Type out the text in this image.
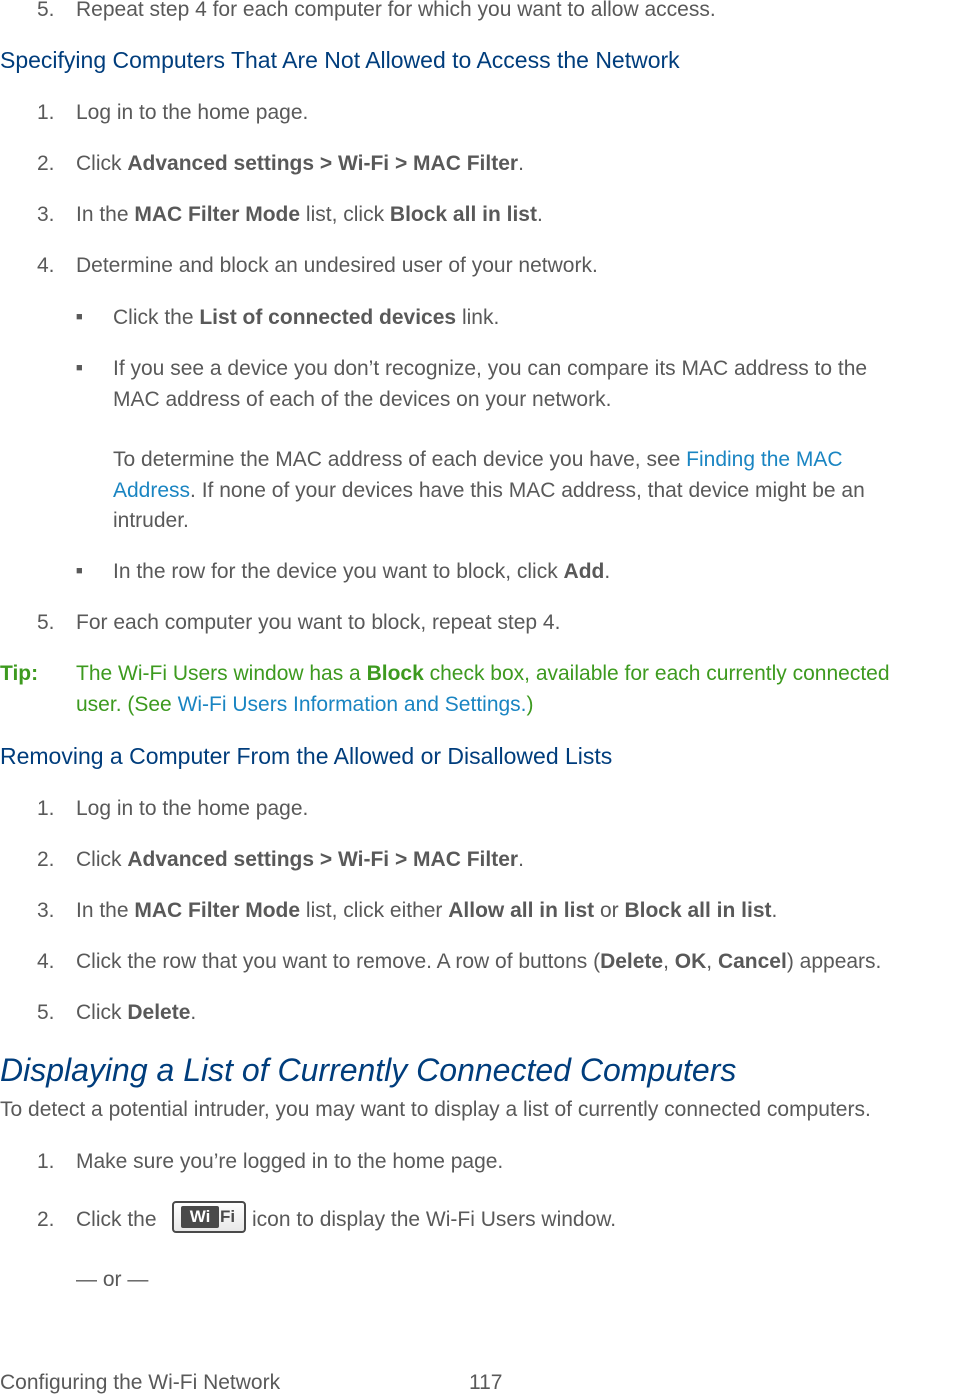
5. Repeat step 4 for each computer for which you want to allow access.
Specifying Computers That Are Not Allowed to Access the Network
1. Log in to the home page.
2. Click Advanced settings > Wi-Fi > MAC Filter.
3. In the MAC Filter Mode list, click Block all in list.
4. Determine and block an undesired user of your network.
■ Click the List of connected devices link.
■ If you see a device you don’t recognize, you can compare its MAC address to the
MAC address of each of the devices on your network.
To determine the MAC address of each device you have, see Finding the MAC
Address. If none of your devices have this MAC address, that device might be an
intruder.
■ In the row for the device you want to block, click Add.
5. For each computer you want to block, repeat step 4.
Tip: The Wi-Fi Users window has a Block check box, available for each currently connected
user. (See Wi-Fi Users Information and Settings.)
Removing a Computer From the Allowed or Disallowed Lists
1. Log in to the home page.
2. Click Advanced settings > Wi-Fi > MAC Filter.
3. In the MAC Filter Mode list, click either Allow all in list or Block all in list.
4. Click the row that you want to remove. A row of buttons (Delete, OK, Cancel) appears.
5. Click Delete.
Displaying a List of Currently Connected Computers
To detect a potential intruder, you may want to display a list of currently connected computers.
1. Make sure you’re logged in to the home page.
2. Click the	Wi Fi icon to display the Wi-Fi Users window.
— or —
Configuring the Wi-Fi Network	117
